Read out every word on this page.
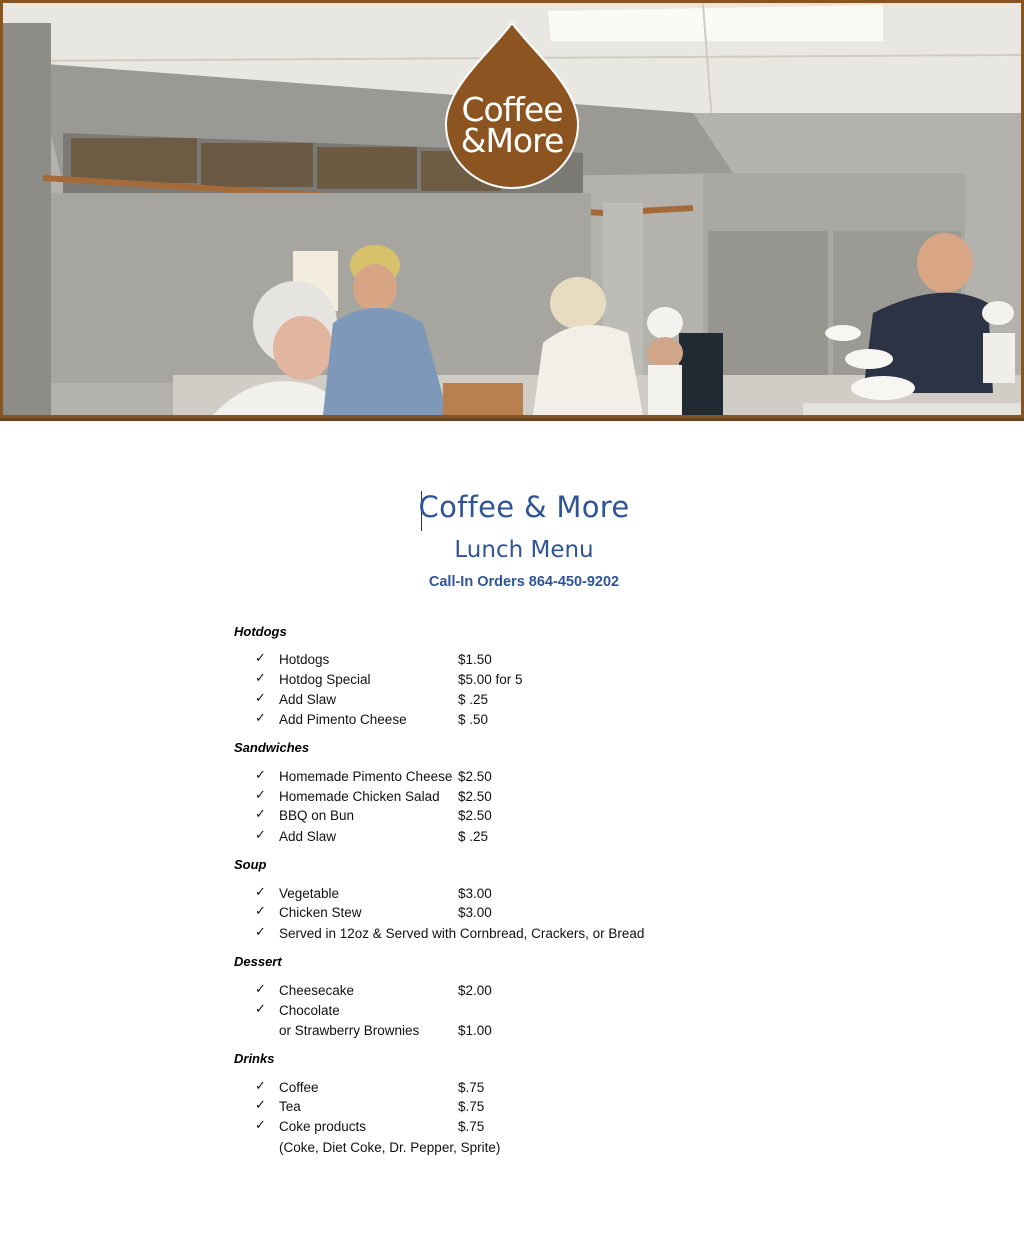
Coffee
&More
Coffee & More
Lunch Menu
Call-In Orders 864-450-9202
Hotdogs
✓ Hotdogs	$1.50
✓ Hotdog Special	$5.00 for 5
✓ Add Slaw	$ .25
✓ Add Pimento Cheese	$ .50
Sandwiches
✓ Homemade Pimento Cheese $2.50
✓ Homemade Chicken Salad $2.50
✓ BBQ on Bun	$2.50
✓ Add Slaw	$ .25
Soup
✓ Vegetable	$3.00
✓ Chicken Stew	$3.00
✓ Served in 12oz & Served with Cornbread, Crackers, or Bread
Dessert
✓ Cheesecake	$2.00
✓ Chocolate
or Strawberry Brownies	$1.00
Drinks
✓ Coffee	$.75
✓ Tea	$.75
✓ Coke products	$.75
(Coke, Diet Coke, Dr. Pepper, Sprite)
